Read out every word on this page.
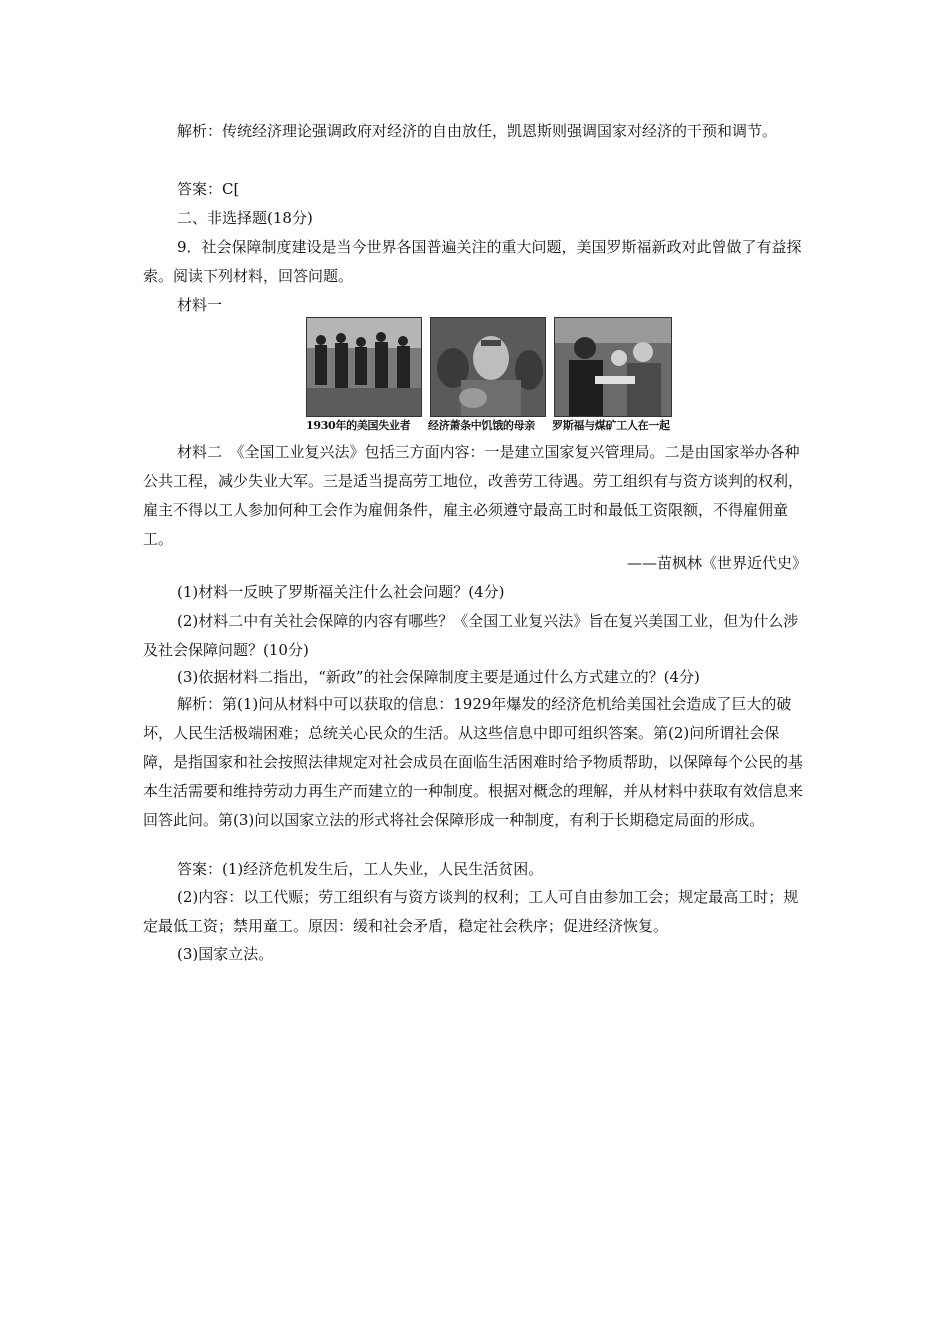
解析：传统经济理论强调政府对经济的自由放任，凯恩斯则强调国家对经济的干预和调节。

答案：C[

二、非选择题(18分)

9．社会保障制度建设是当今世界各国普遍关注的重大问题，美国罗斯福新政对此曾做了有益探索。阅读下列材料，回答问题。

材料一

1930年的美国失业者 经济萧条中饥饿的母亲 罗斯福与煤矿工人在一起

材料二　《全国工业复兴法》包括三方面内容：一是建立国家复兴管理局。二是由国家举办各种公共工程，减少失业大军。三是适当提高劳工地位，改善劳工待遇。劳工组织有与资方谈判的权利，雇主不得以工人参加何种工会作为雇佣条件，雇主必须遵守最高工时和最低工资限额，不得雇佣童工。

——苗枫林《世界近代史》

(1)材料一反映了罗斯福关注什么社会问题？(4分)

(2)材料二中有关社会保障的内容有哪些？《全国工业复兴法》旨在复兴美国工业，但为什么涉及社会保障问题？(10分)

(3)依据材料二指出，“新政”的社会保障制度主要是通过什么方式建立的？(4分)

解析：第(1)问从材料中可以获取的信息：1929年爆发的经济危机给美国社会造成了巨大的破坏，人民生活极端困难；总统关心民众的生活。从这些信息中即可组织答案。第(2)问所谓社会保障，是指国家和社会按照法律规定对社会成员在面临生活困难时给予物质帮助，以保障每个公民的基本生活需要和维持劳动力再生产而建立的一种制度。根据对概念的理解，并从材料中获取有效信息来回答此问。第(3)问以国家立法的形式将社会保障形成一种制度，有利于长期稳定局面的形成。

答案：(1)经济危机发生后，工人失业，人民生活贫困。

(2)内容：以工代赈；劳工组织有与资方谈判的权利；工人可自由参加工会；规定最高工时；规定最低工资；禁用童工。原因：缓和社会矛盾，稳定社会秩序；促进经济恢复。

(3)国家立法。
